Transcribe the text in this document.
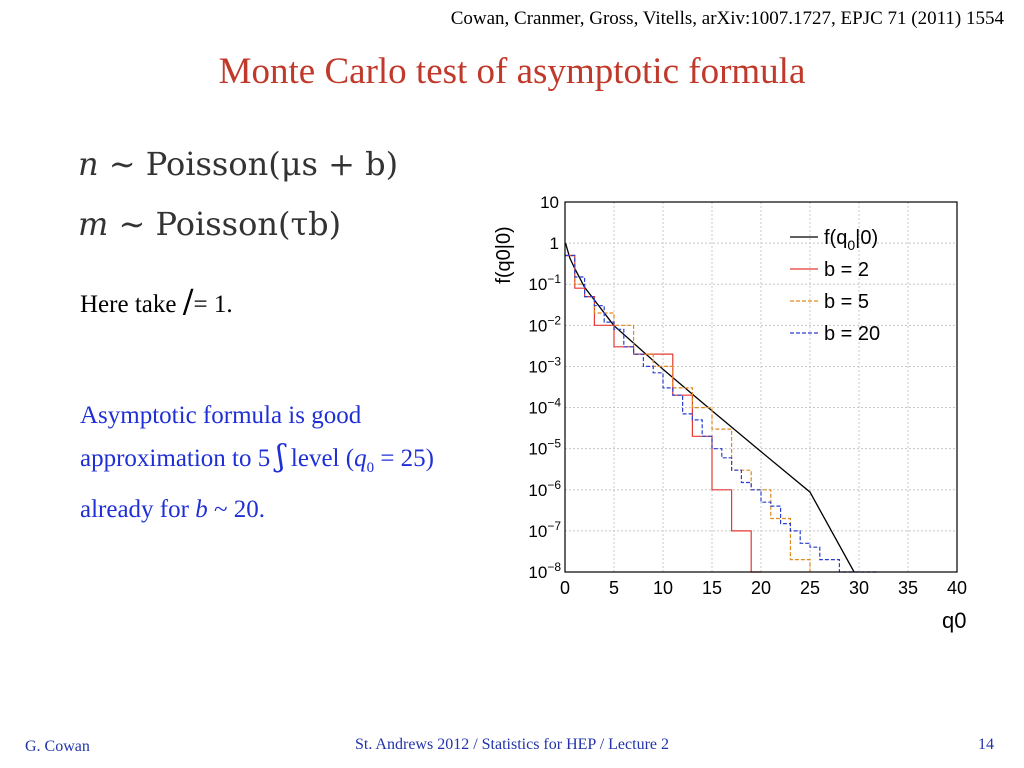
Cowan, Cranmer, Gross, Vitells, arXiv:1007.1727, EPJC 71 (2011) 1554
Monte Carlo test of asymptotic formula
n ∼ Poisson(μs + b)
m ∼ Poisson(τb)
Here take /= 1.
Asymptotic formula is good approximation to 5 ʃ level $(q_0 = 25)$ already for b ~ 20.
0 5 10 15 20 25 30 35 40
10
1
$10^{-1}$
$10^{-2}$
$10^{-3}$
$10^{-4}$
$10^{-5}$
$10^{-6}$
$10^{-7}$
$10^{-8}$
$f(q_0|0)$
b = 2
b = 5
b = 20
f(q0|0)
q0
G. Cowan	St. Andrews 2012 / Statistics for HEP / Lecture 2	14
